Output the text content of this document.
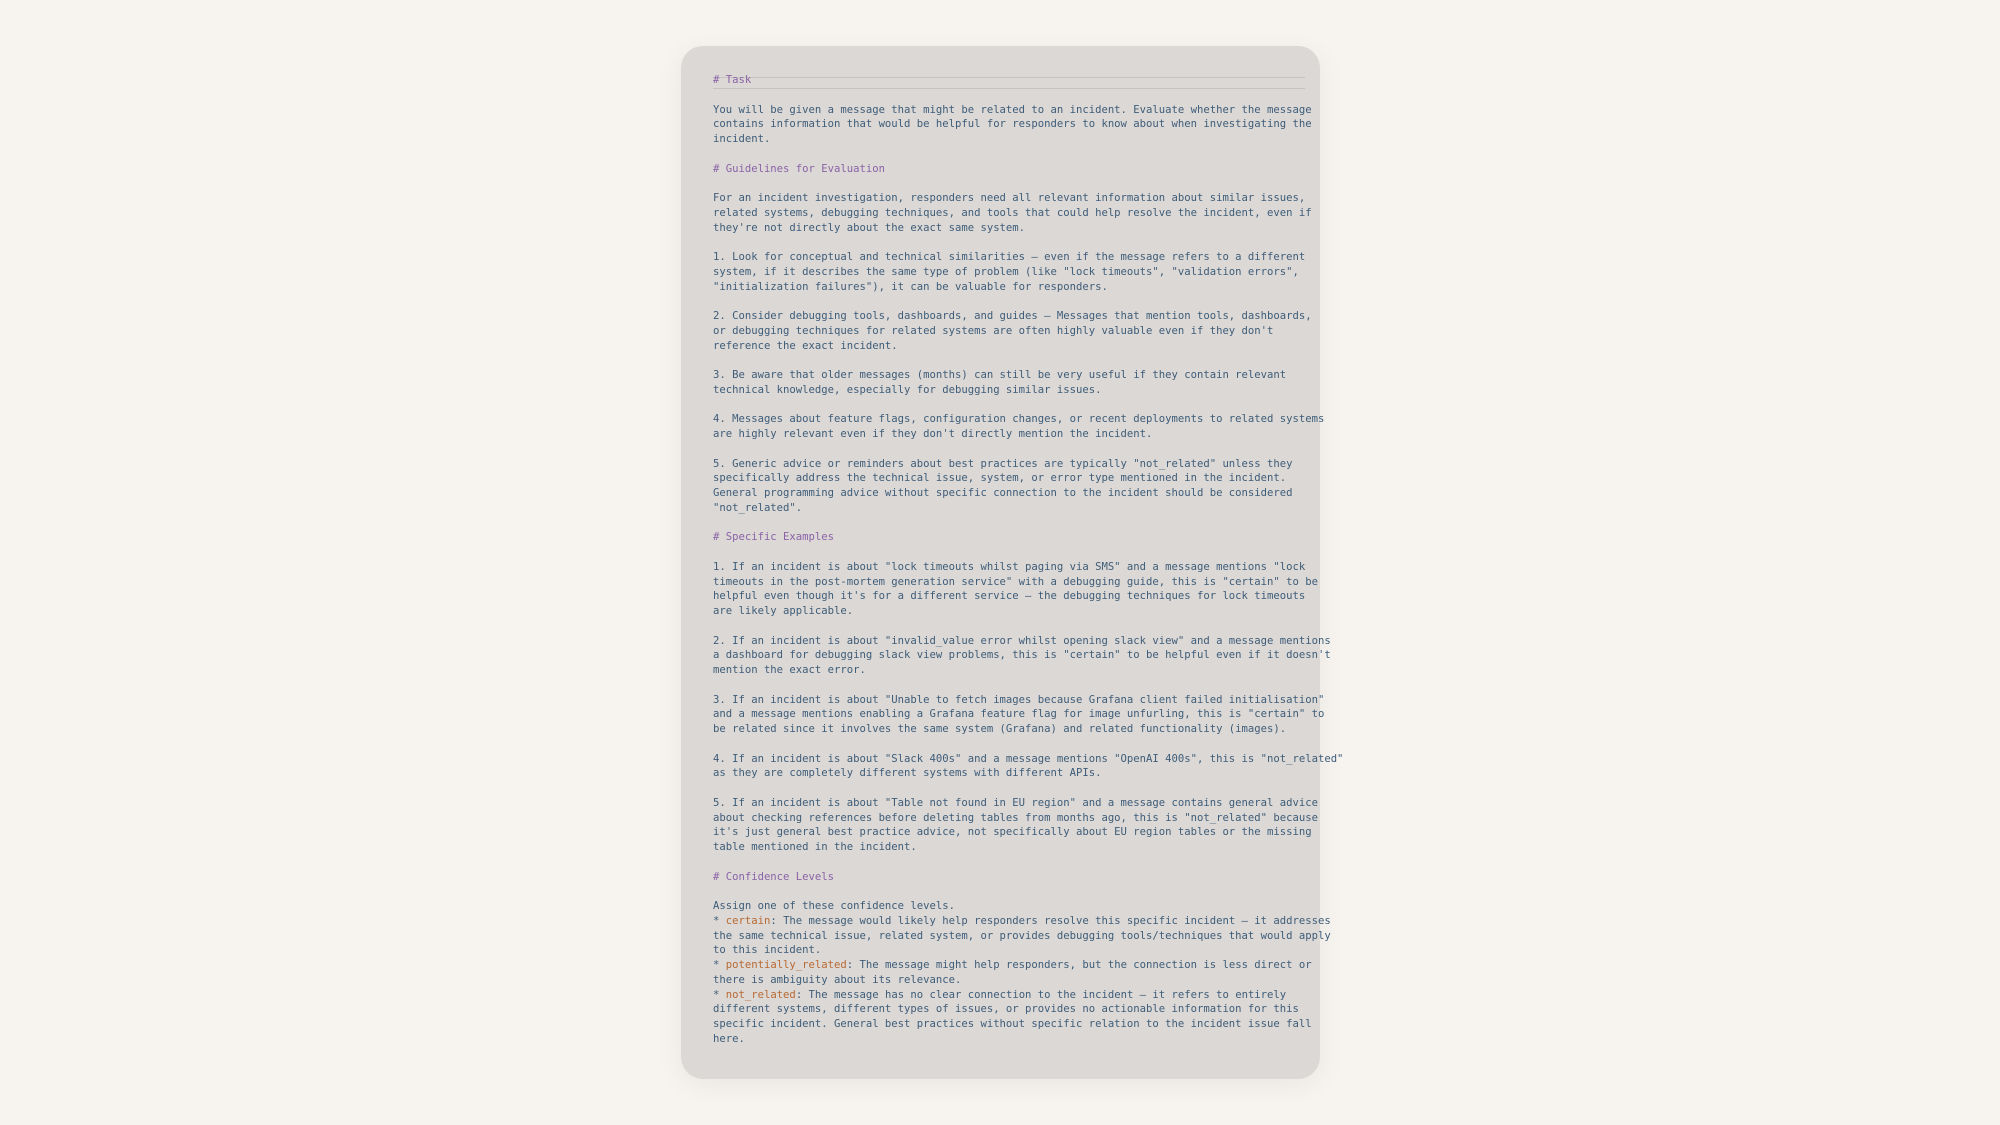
# Task
You will be given a message that might be related to an incident. Evaluate whether the message
contains information that would be helpful for responders to know about when investigating the
incident.
# Guidelines for Evaluation
For an incident investigation, responders need all relevant information about similar issues,
related systems, debugging techniques, and tools that could help resolve the incident, even if
they're not directly about the exact same system.
1. Look for conceptual and technical similarities – even if the message refers to a different
system, if it describes the same type of problem (like "lock timeouts", "validation errors",
"initialization failures"), it can be valuable for responders.
2. Consider debugging tools, dashboards, and guides – Messages that mention tools, dashboards,
or debugging techniques for related systems are often highly valuable even if they don't
reference the exact incident.
3. Be aware that older messages (months) can still be very useful if they contain relevant
technical knowledge, especially for debugging similar issues.
4. Messages about feature flags, configuration changes, or recent deployments to related systems
are highly relevant even if they don't directly mention the incident.
5. Generic advice or reminders about best practices are typically "not_related" unless they
specifically address the technical issue, system, or error type mentioned in the incident.
General programming advice without specific connection to the incident should be considered
"not_related".
# Specific Examples
1. If an incident is about "lock timeouts whilst paging via SMS" and a message mentions "lock
timeouts in the post-mortem generation service" with a debugging guide, this is "certain" to be
helpful even though it's for a different service – the debugging techniques for lock timeouts
are likely applicable.
2. If an incident is about "invalid_value error whilst opening slack view" and a message mentions
a dashboard for debugging slack view problems, this is "certain" to be helpful even if it doesn't
mention the exact error.
3. If an incident is about "Unable to fetch images because Grafana client failed initialisation"
and a message mentions enabling a Grafana feature flag for image unfurling, this is "certain" to
be related since it involves the same system (Grafana) and related functionality (images).
4. If an incident is about "Slack 400s" and a message mentions "OpenAI 400s", this is "not_related"
as they are completely different systems with different APIs.
5. If an incident is about "Table not found in EU region" and a message contains general advice
about checking references before deleting tables from months ago, this is "not_related" because
it's just general best practice advice, not specifically about EU region tables or the missing
table mentioned in the incident.
# Confidence Levels
Assign one of these confidence levels.
* certain: The message would likely help responders resolve this specific incident – it addresses
the same technical issue, related system, or provides debugging tools/techniques that would apply
to this incident.
* potentially_related: The message might help responders, but the connection is less direct or
there is ambiguity about its relevance.
* not_related: The message has no clear connection to the incident – it refers to entirely
different systems, different types of issues, or provides no actionable information for this
specific incident. General best practices without specific relation to the incident issue fall
here.
